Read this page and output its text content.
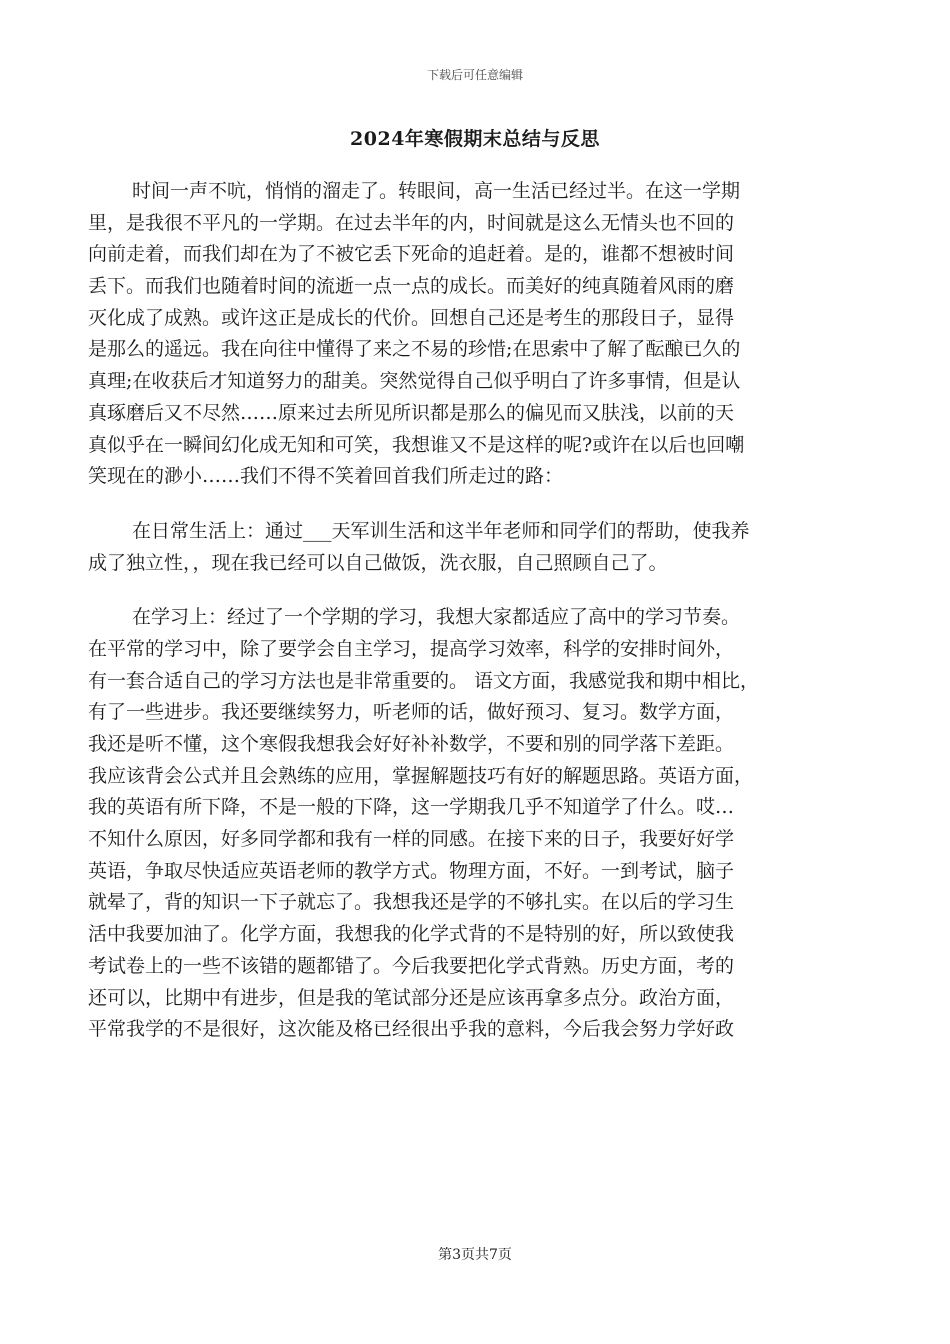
下载后可任意编辑
2024年寒假期末总结与反思
时间一声不吭，悄悄的溜走了。转眼间，高一生活已经过半。在这一学期
里，是我很不平凡的一学期。在过去半年的内，时间就是这么无情头也不回的
向前走着，而我们却在为了不被它丢下死命的追赶着。是的，谁都不想被时间
丢下。而我们也随着时间的流逝一点一点的成长。而美好的纯真随着风雨的磨
灭化成了成熟。或许这正是成长的代价。回想自己还是考生的那段日子，显得
是那么的遥远。我在向往中懂得了来之不易的珍惜;在思索中了解了酝酿已久的
真理;在收获后才知道努力的甜美。突然觉得自己似乎明白了许多事情，但是认
真琢磨后又不尽然……原来过去所见所识都是那么的偏见而又肤浅，以前的天
真似乎在一瞬间幻化成无知和可笑，我想谁又不是这样的呢?或许在以后也回嘲
笑现在的渺小……我们不得不笑着回首我们所走过的路：
在日常生活上：通过___天军训生活和这半年老师和同学们的帮助，使我养
成了独立性，，现在我已经可以自己做饭，洗衣服，自己照顾自己了。
在学习上：经过了一个学期的学习，我想大家都适应了高中的学习节奏。
在平常的学习中，除了要学会自主学习，提高学习效率，科学的安排时间外，
有一套合适自己的学习方法也是非常重要的。 语文方面，我感觉我和期中相比，
有了一些进步。我还要继续努力，听老师的话，做好预习、复习。数学方面，
我还是听不懂，这个寒假我想我会好好补补数学，不要和别的同学落下差距。
我应该背会公式并且会熟练的应用，掌握解题技巧有好的解题思路。英语方面，
我的英语有所下降，不是一般的下降，这一学期我几乎不知道学了什么。哎…
不知什么原因，好多同学都和我有一样的同感。在接下来的日子，我要好好学
英语，争取尽快适应英语老师的教学方式。物理方面，不好。一到考试，脑子
就晕了，背的知识一下子就忘了。我想我还是学的不够扎实。在以后的学习生
活中我要加油了。化学方面，我想我的化学式背的不是特别的好，所以致使我
考试卷上的一些不该错的题都错了。今后我要把化学式背熟。历史方面，考的
还可以，比期中有进步，但是我的笔试部分还是应该再拿多点分。政治方面，
平常我学的不是很好，这次能及格已经很出乎我的意料，今后我会努力学好政
第3页共7页
